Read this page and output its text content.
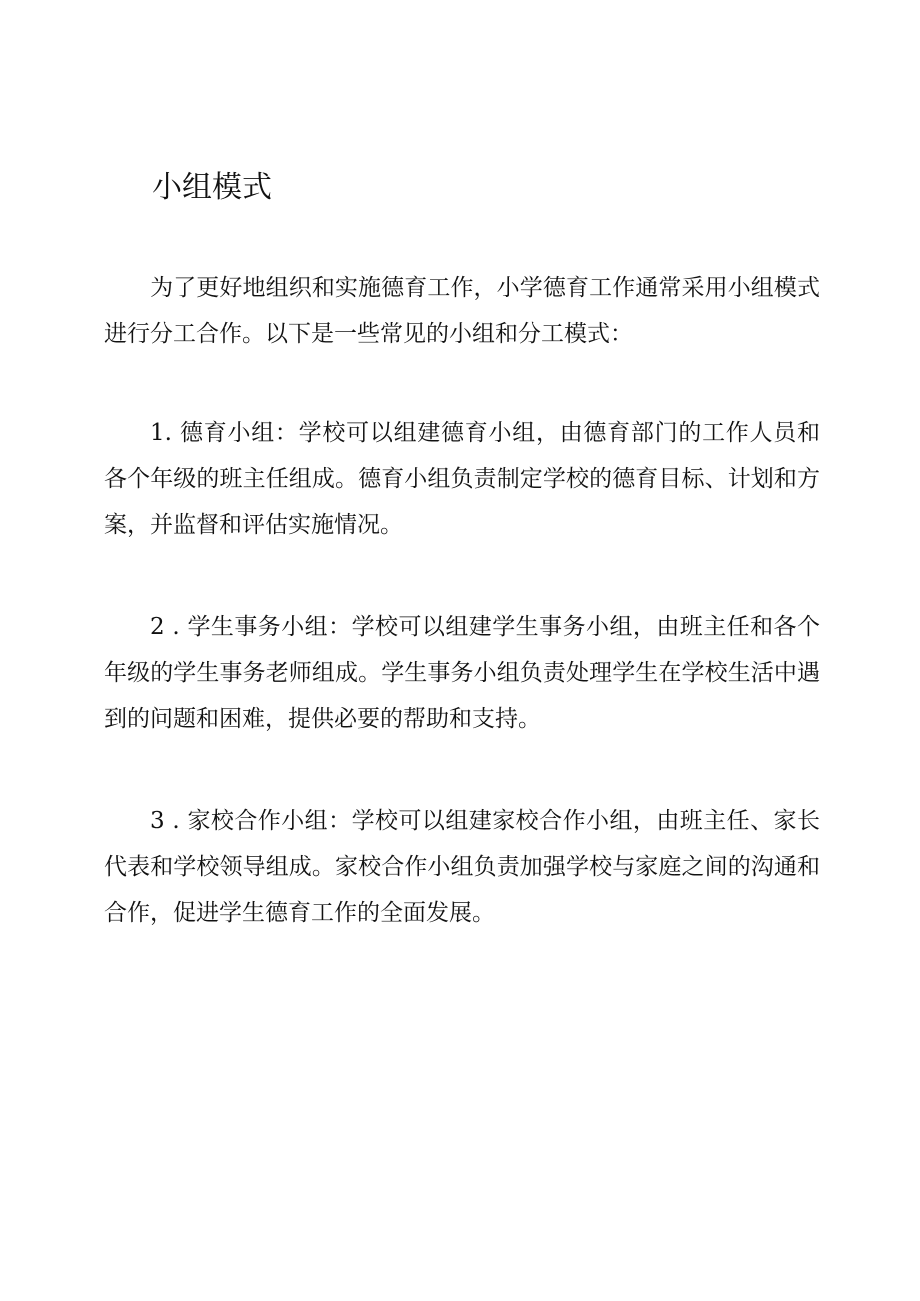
小组模式

为了更好地组织和实施德育工作，小学德育工作通常采用小组模式进行分工合作。以下是一些常见的小组和分工模式：

1. 德育小组：学校可以组建德育小组，由德育部门的工作人员和各个年级的班主任组成。德育小组负责制定学校的德育目标、计划和方案，并监督和评估实施情况。

2 . 学生事务小组：学校可以组建学生事务小组，由班主任和各个年级的学生事务老师组成。学生事务小组负责处理学生在学校生活中遇到的问题和困难，提供必要的帮助和支持。

3 . 家校合作小组：学校可以组建家校合作小组，由班主任、家长代表和学校领导组成。家校合作小组负责加强学校与家庭之间的沟通和合作，促进学生德育工作的全面发展。
